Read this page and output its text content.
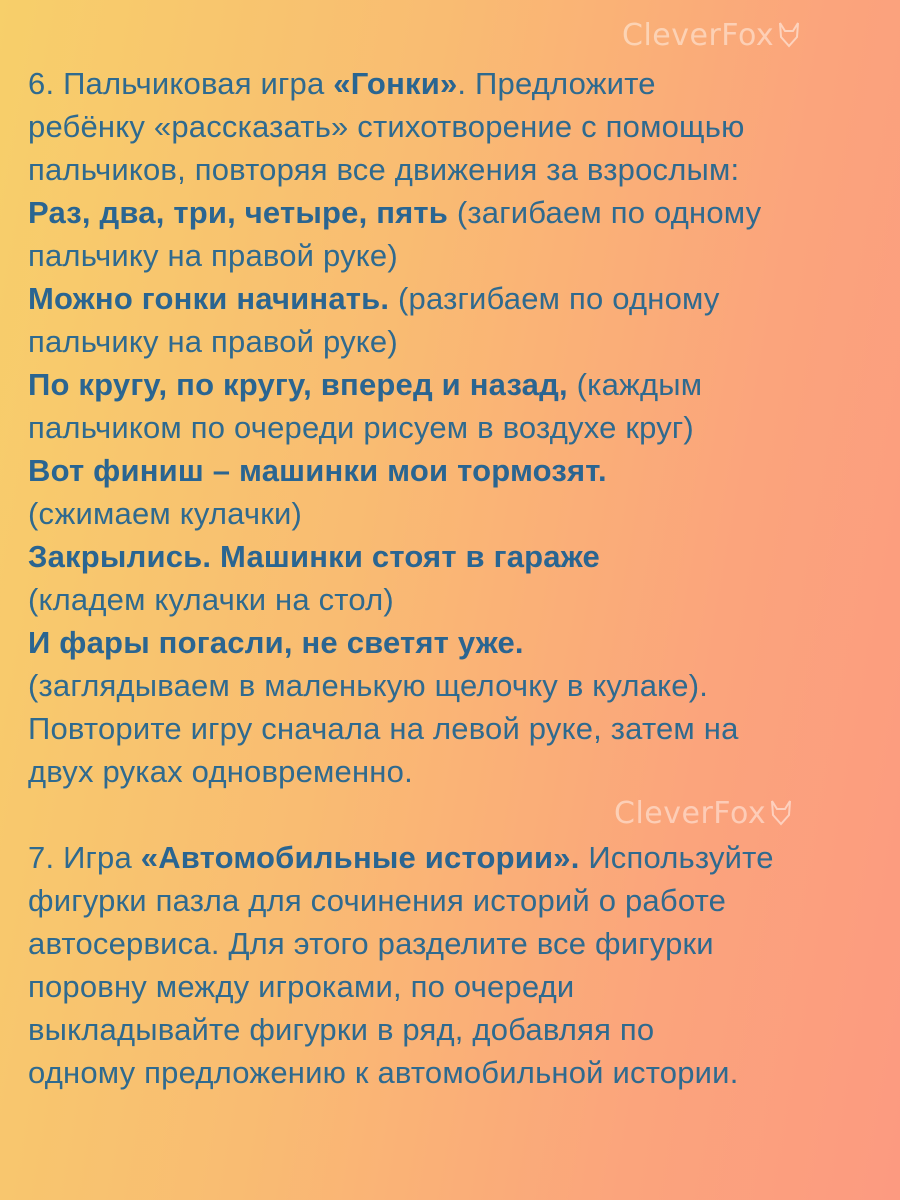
CleverFox
CleverFox
6. Пальчиковая игра «Гонки». Предложите
ребёнку «рассказать» стихотворение с помощью
пальчиков, повторяя все движения за взрослым:
Раз, два, три, четыре, пять (загибаем по одному
пальчику на правой руке)
Можно гонки начинать. (разгибаем по одному
пальчику на правой руке)
По кругу, по кругу, вперед и назад, (каждым
пальчиком по очереди рисуем в воздухе круг)
Вот финиш – машинки мои тормозят.
(сжимаем кулачки)
Закрылись. Машинки стоят в гараже
(кладем кулачки на стол)
И фары погасли, не светят уже.
(заглядываем в маленькую щелочку в кулаке).
Повторите игру сначала на левой руке, затем на
двух руках одновременно.
7. Игра «Автомобильные истории». Используйте
фигурки пазла для сочинения историй о работе
автосервиса. Для этого разделите все фигурки
поровну между игроками, по очереди
выкладывайте фигурки в ряд, добавляя по
одному предложению к автомобильной истории.
